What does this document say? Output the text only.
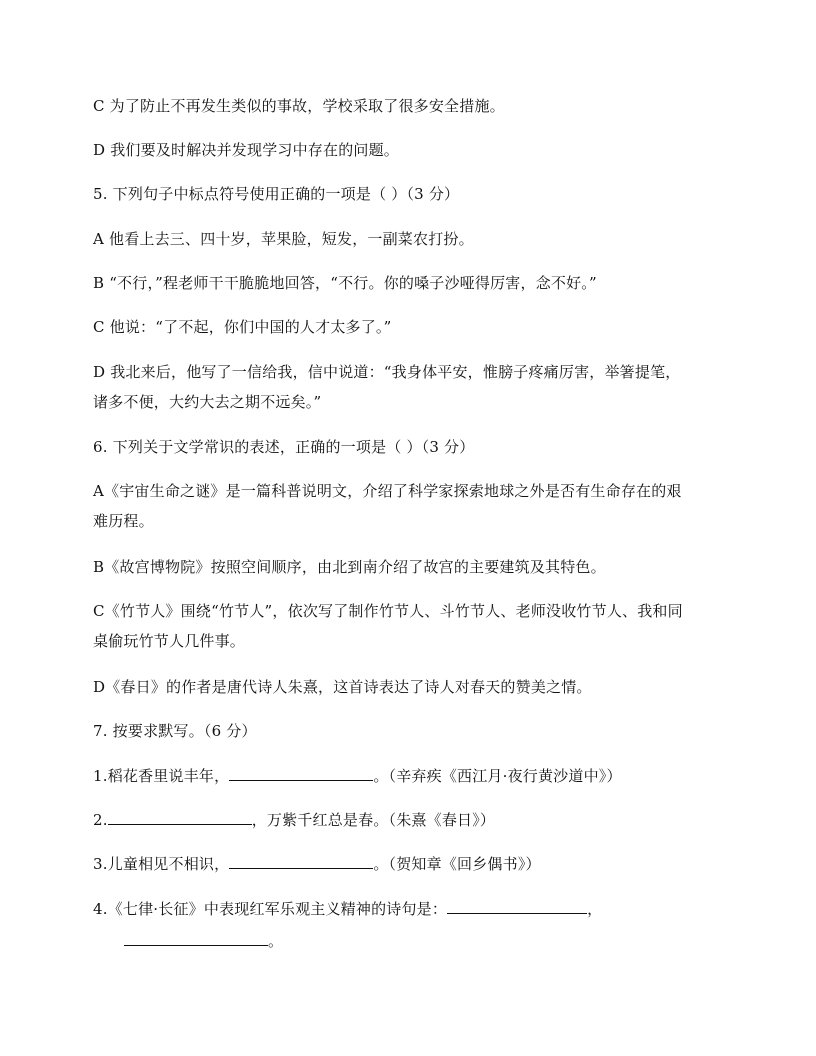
C 为了防止不再发生类似的事故，学校采取了很多安全措施。
D 我们要及时解决并发现学习中存在的问题。
5. 下列句子中标点符号使用正确的一项是（ ）（3 分）
A 他看上去三、四十岁，苹果脸，短发，一副菜农打扮。
B “不行，”程老师干干脆脆地回答，“不行。你的嗓子沙哑得厉害，念不好。”
C 他说：“了不起，你们中国的人才太多了。”
D 我北来后，他写了一信给我，信中说道：“我身体平安，惟膀子疼痛厉害，举箸提笔，
诸多不便，大约大去之期不远矣。”
6. 下列关于文学常识的表述，正确的一项是（ ）（3 分）
A《宇宙生命之谜》是一篇科普说明文，介绍了科学家探索地球之外是否有生命存在的艰
难历程。
B《故宫博物院》按照空间顺序，由北到南介绍了故宫的主要建筑及其特色。
C《竹节人》围绕“竹节人”，依次写了制作竹节人、斗竹节人、老师没收竹节人、我和同
桌偷玩竹节人几件事。
D《春日》的作者是唐代诗人朱熹，这首诗表达了诗人对春天的赞美之情。
7. 按要求默写。（6 分）
1.稻花香里说丰年，	。（辛弃疾《西江月·夜行黄沙道中》）
2.	，万紫千红总是春。（朱熹《春日》）
3.儿童相见不相识，	。（贺知章《回乡偶书》）
4.《七律·长征》中表现红军乐观主义精神的诗句是：	，
。
